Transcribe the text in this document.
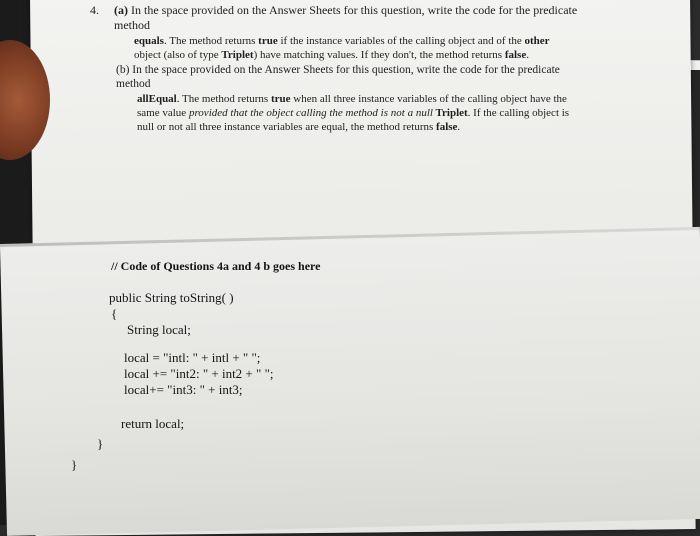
4. (a) In the space provided on the Answer Sheets for this question, write the code for the predicate
method
equals. The method returns true if the instance variables of the calling object and of the other
object (also of type Triplet) have matching values. If they don't, the method returns false.
(b) In the space provided on the Answer Sheets for this question, write the code for the predicate
method
allEqual. The method returns true when all three instance variables of the calling object have the
same value provided that the object calling the method is not a null Triplet. If the calling object is
null or not all three instance variables are equal, the method returns false.
// Code of Questions 4a and 4 b goes here
public String toString( )
{
String local;
local = "intl: " + intl + " ";
local += "int2: " + int2 + " ";
local+= "int3: " + int3;
return local;
}
}
